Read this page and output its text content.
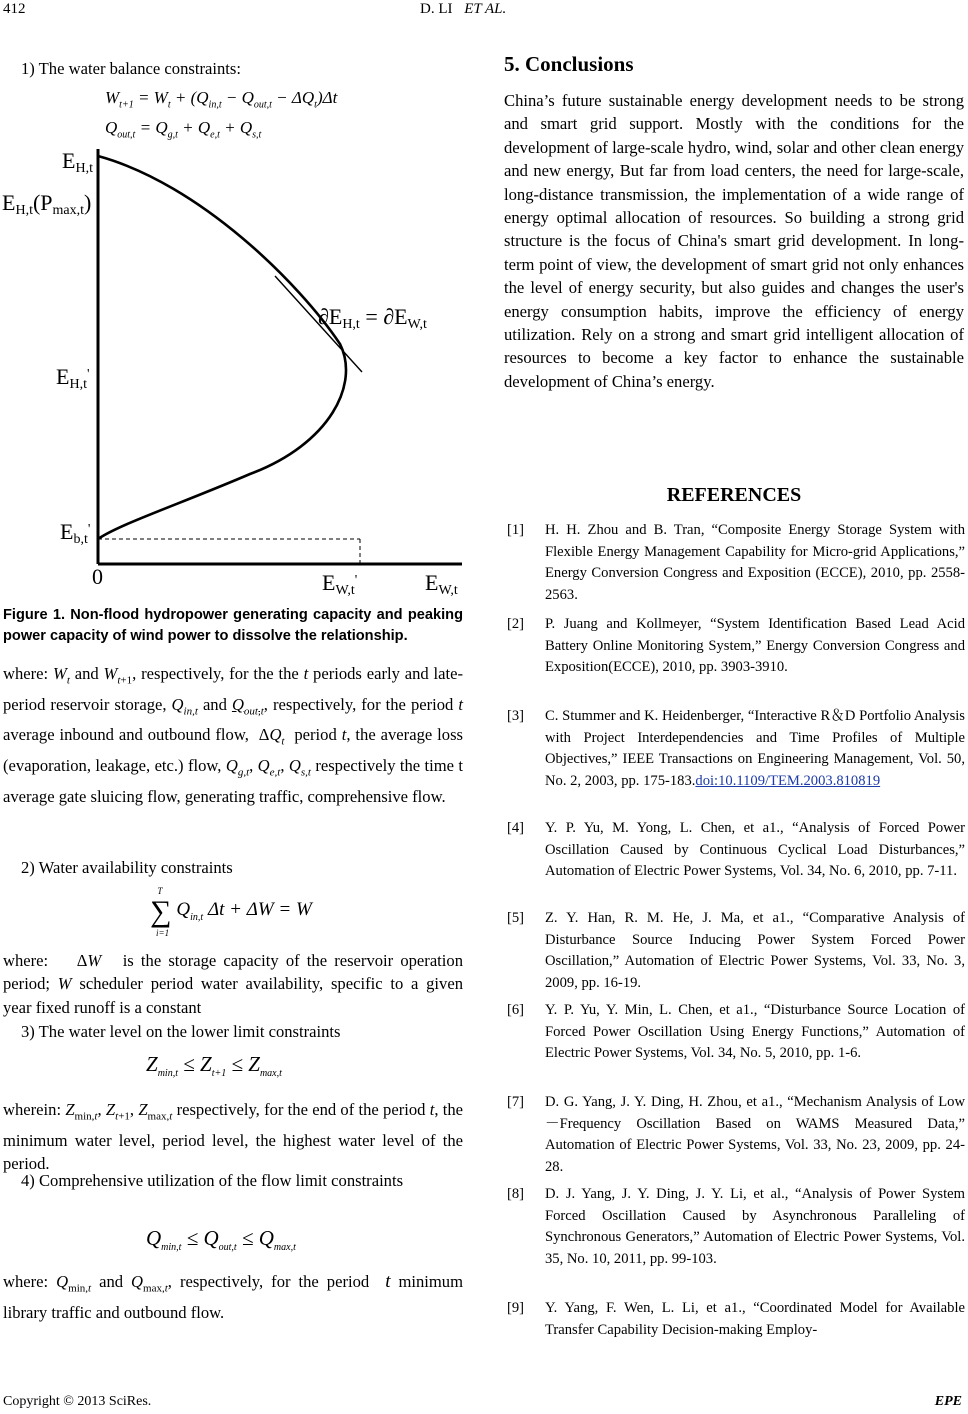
412	D. LI ET AL.
1) The water balance constraints:
$W_{t+1} = W_t + (Q_{in,t} - Q_{out,t} - \Delta Q_t)\Delta t$
$Q_{out,t} = Q_{g,t} + Q_{e,t} + Q_{s,t}$
EH,t
EH,t(Pmax,t)
EH,t'
Eb,t'
0	EW,t'	EW,t
∂EH,t = ∂EW,t
Figure 1. Non-flood hydropower generating capacity and peaking power capacity of wind power to dissolve the relationship.

where: $W_t$ and $W_{t+1}$, respectively, for the the t periods early and late-period reservoir storage, $Q_{in,t}$ and $Q_{out,t}$, respectively, for the period t average inbound and outbound flow,  $\Delta Q_t$  period t, the average loss (evaporation, leakage, etc.) flow, $Q_{g,t}$, $Q_{e,t}$, $Q_{s,t}$ respectively the time t average gate sluicing flow, generating traffic, comprehensive flow.

2) Water availability constraints
$\sum^TQ_{in,t}$ Δt + ΔW = W
i=1

where:    ΔW   is the storage capacity of the reservoir operation period; W scheduler period water availability, specific to a given year fixed runoff is a constant

3) The water level on the lower limit constraints
$Z_{min,t} \le Z_{t+1} \le Z_{max,t}$

wherein: $Z_{min,t}$, $Z_{t+1}$, $Z_{max,t}$ respectively, for the end of the period t, the minimum water level, period level, the highest water level of the period.

4) Comprehensive utilization of the flow limit constraints
$Q_{min,t} \le Q_{out,t} \le Q_{max,t}$

where: $Q_{min,t}$ and $Q_{max,t}$, respectively, for the period  t minimum library traffic and outbound flow.

5. Conclusions
China’s future sustainable energy development needs to be strong and smart grid support. Mostly with the conditions for the development of large-scale hydro, wind, solar and other clean energy and new energy, But far from load centers, the need for large-scale, long-distance transmission, the implementation of a wide range of energy optimal allocation of resources. So building a strong grid structure is the focus of China's smart grid development. In long-term point of view, the development of smart grid not only enhances the level of energy security, but also guides and changes the user's energy consumption habits, improve the efficiency of energy utilization. Rely on a strong and smart grid intelligent allocation of resources to become a key factor to enhance the sustainable development of China’s energy.
REFERENCES
[1] H. H. Zhou and B. Tran, “Composite Energy Storage System with Flexible Energy Management Capability for Micro-grid Applications,” Energy Conversion Congress and Exposition (ECCE), 2010, pp. 2558-2563.
[2] P. Juang and Kollmeyer, “System Identification Based Lead Acid Battery Online Monitoring System,” Energy Conversion Congress and Exposition(ECCE), 2010, pp. 3903-3910.
[3] C. Stummer and K. Heidenberger, “Interactive R＆D Portfolio Analysis with Project Interdependencies and Time Profiles of Multiple Objectives,” IEEE Transactions on Engineering Management, Vol. 50, No. 2, 2003, pp. 175-183.doi:10.1109/TEM.2003.810819
[4] Y. P. Yu, M. Yong, L. Chen, et a1., “Analysis of Forced Power Oscillation Caused by Continuous Cyclical Load Disturbances,” Automation of Electric Power Systems, Vol. 34, No. 6, 2010, pp. 7-11.
[5] Z. Y. Han, R. M. He, J. Ma, et a1., “Comparative Analysis of Disturbance Source Inducing Power System Forced Power Oscillation,” Automation of Electric Power Systems, Vol. 33, No. 3, 2009, pp. 16-19.
[6] Y. P. Yu, Y. Min, L. Chen, et a1., “Disturbance Source Location of Forced Power Oscillation Using Energy Functions,” Automation of Electric Power Systems, Vol. 34, No. 5, 2010, pp. 1-6.
[7] D. G. Yang, J. Y. Ding, H. Zhou, et a1., “Mechanism Analysis of Low－Frequency Oscillation Based on WAMS Measured Data,” Automation of Electric Power Systems, Vol. 33, No. 23, 2009, pp. 24-28.
[8] D. J. Yang, J. Y. Ding, J. Y. Li, et al., “Analysis of Power System Forced Oscillation Caused by Asynchronous Paralleling of Synchronous Generators,” Automation of Electric Power Systems, Vol. 35, No. 10, 2011, pp. 99-103.
[9] Y. Yang, F. Wen, L. Li, et a1., “Coordinated Model for Available Transfer Capability Decision-making Employ-
Copyright © 2013 SciRes.	EPE
